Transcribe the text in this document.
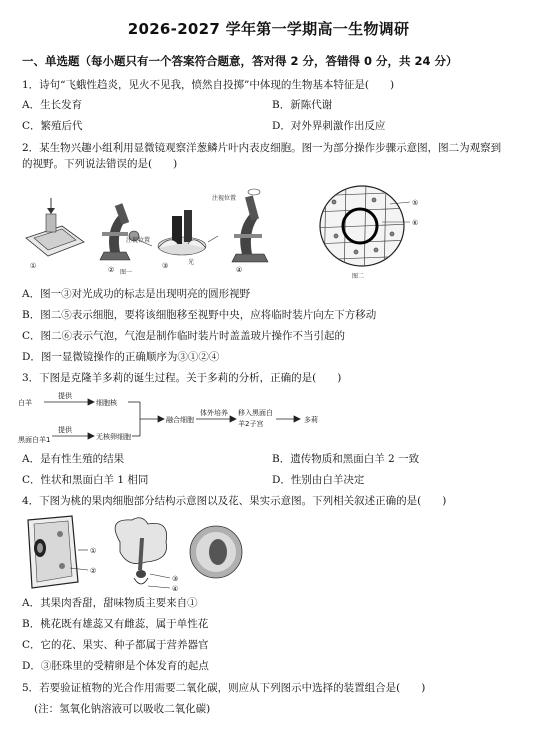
2026-2027 学年第一学期高一生物调研
一、单选题（每小题只有一个答案符合题意，答对得 2 分，答错得 0 分，共 24 分）
1．诗句“飞蛾性趋炎，见火不见我，愤然自投掷”中体现的生物基本特征是(　　)
A．生长发育	B．新陈代谢
C．繁殖后代	D．对外界刺激作出反应
2．某生物兴趣小组利用显微镜观察洋葱鳞片叶内表皮细胞。图一为部分操作步骤示意图，图二为观察到
的视野。下列说法错误的是(　　)
光
注视位置
注视位置
①	②	③	④
图一
⑤
⑥
图二
A．图一③对光成功的标志是出现明亮的圆形视野
B．图二⑤表示细胞，要将该细胞移至视野中央，应将临时装片向左下方移动
C．图二⑥表示气泡，气泡是制作临时装片时盖盖玻片操作不当引起的
D．图一显微镜操作的正确顺序为③①②④
3．下图是克隆羊多莉的诞生过程。关于多莉的分析，正确的是(　　)
白羊
提供
细胞核
黑面白羊1
提供
无核卵细胞
融合细胞
体外培养 移入黑面白
羊2子宫	多莉
A．是有性生殖的结果	B．遗传物质和黑面白羊 2 一致
C．性状和黑面白羊 1 相同	D．性别由白羊决定
4．下图为桃的果肉细胞部分结构示意图以及花、果实示意图。下列相关叙述正确的是(　　)
①
②
③
④
A．其果肉香甜，甜味物质主要来自①
B．桃花既有雄蕊又有雌蕊，属于单性花
C．它的花、果实、种子都属于营养器官
D．③胚珠里的受精卵是个体发育的起点
5．若要验证植物的光合作用需要二氧化碳，则应从下列图示中选择的装置组合是(　　)
(注：氢氧化钠溶液可以吸收二氧化碳)
